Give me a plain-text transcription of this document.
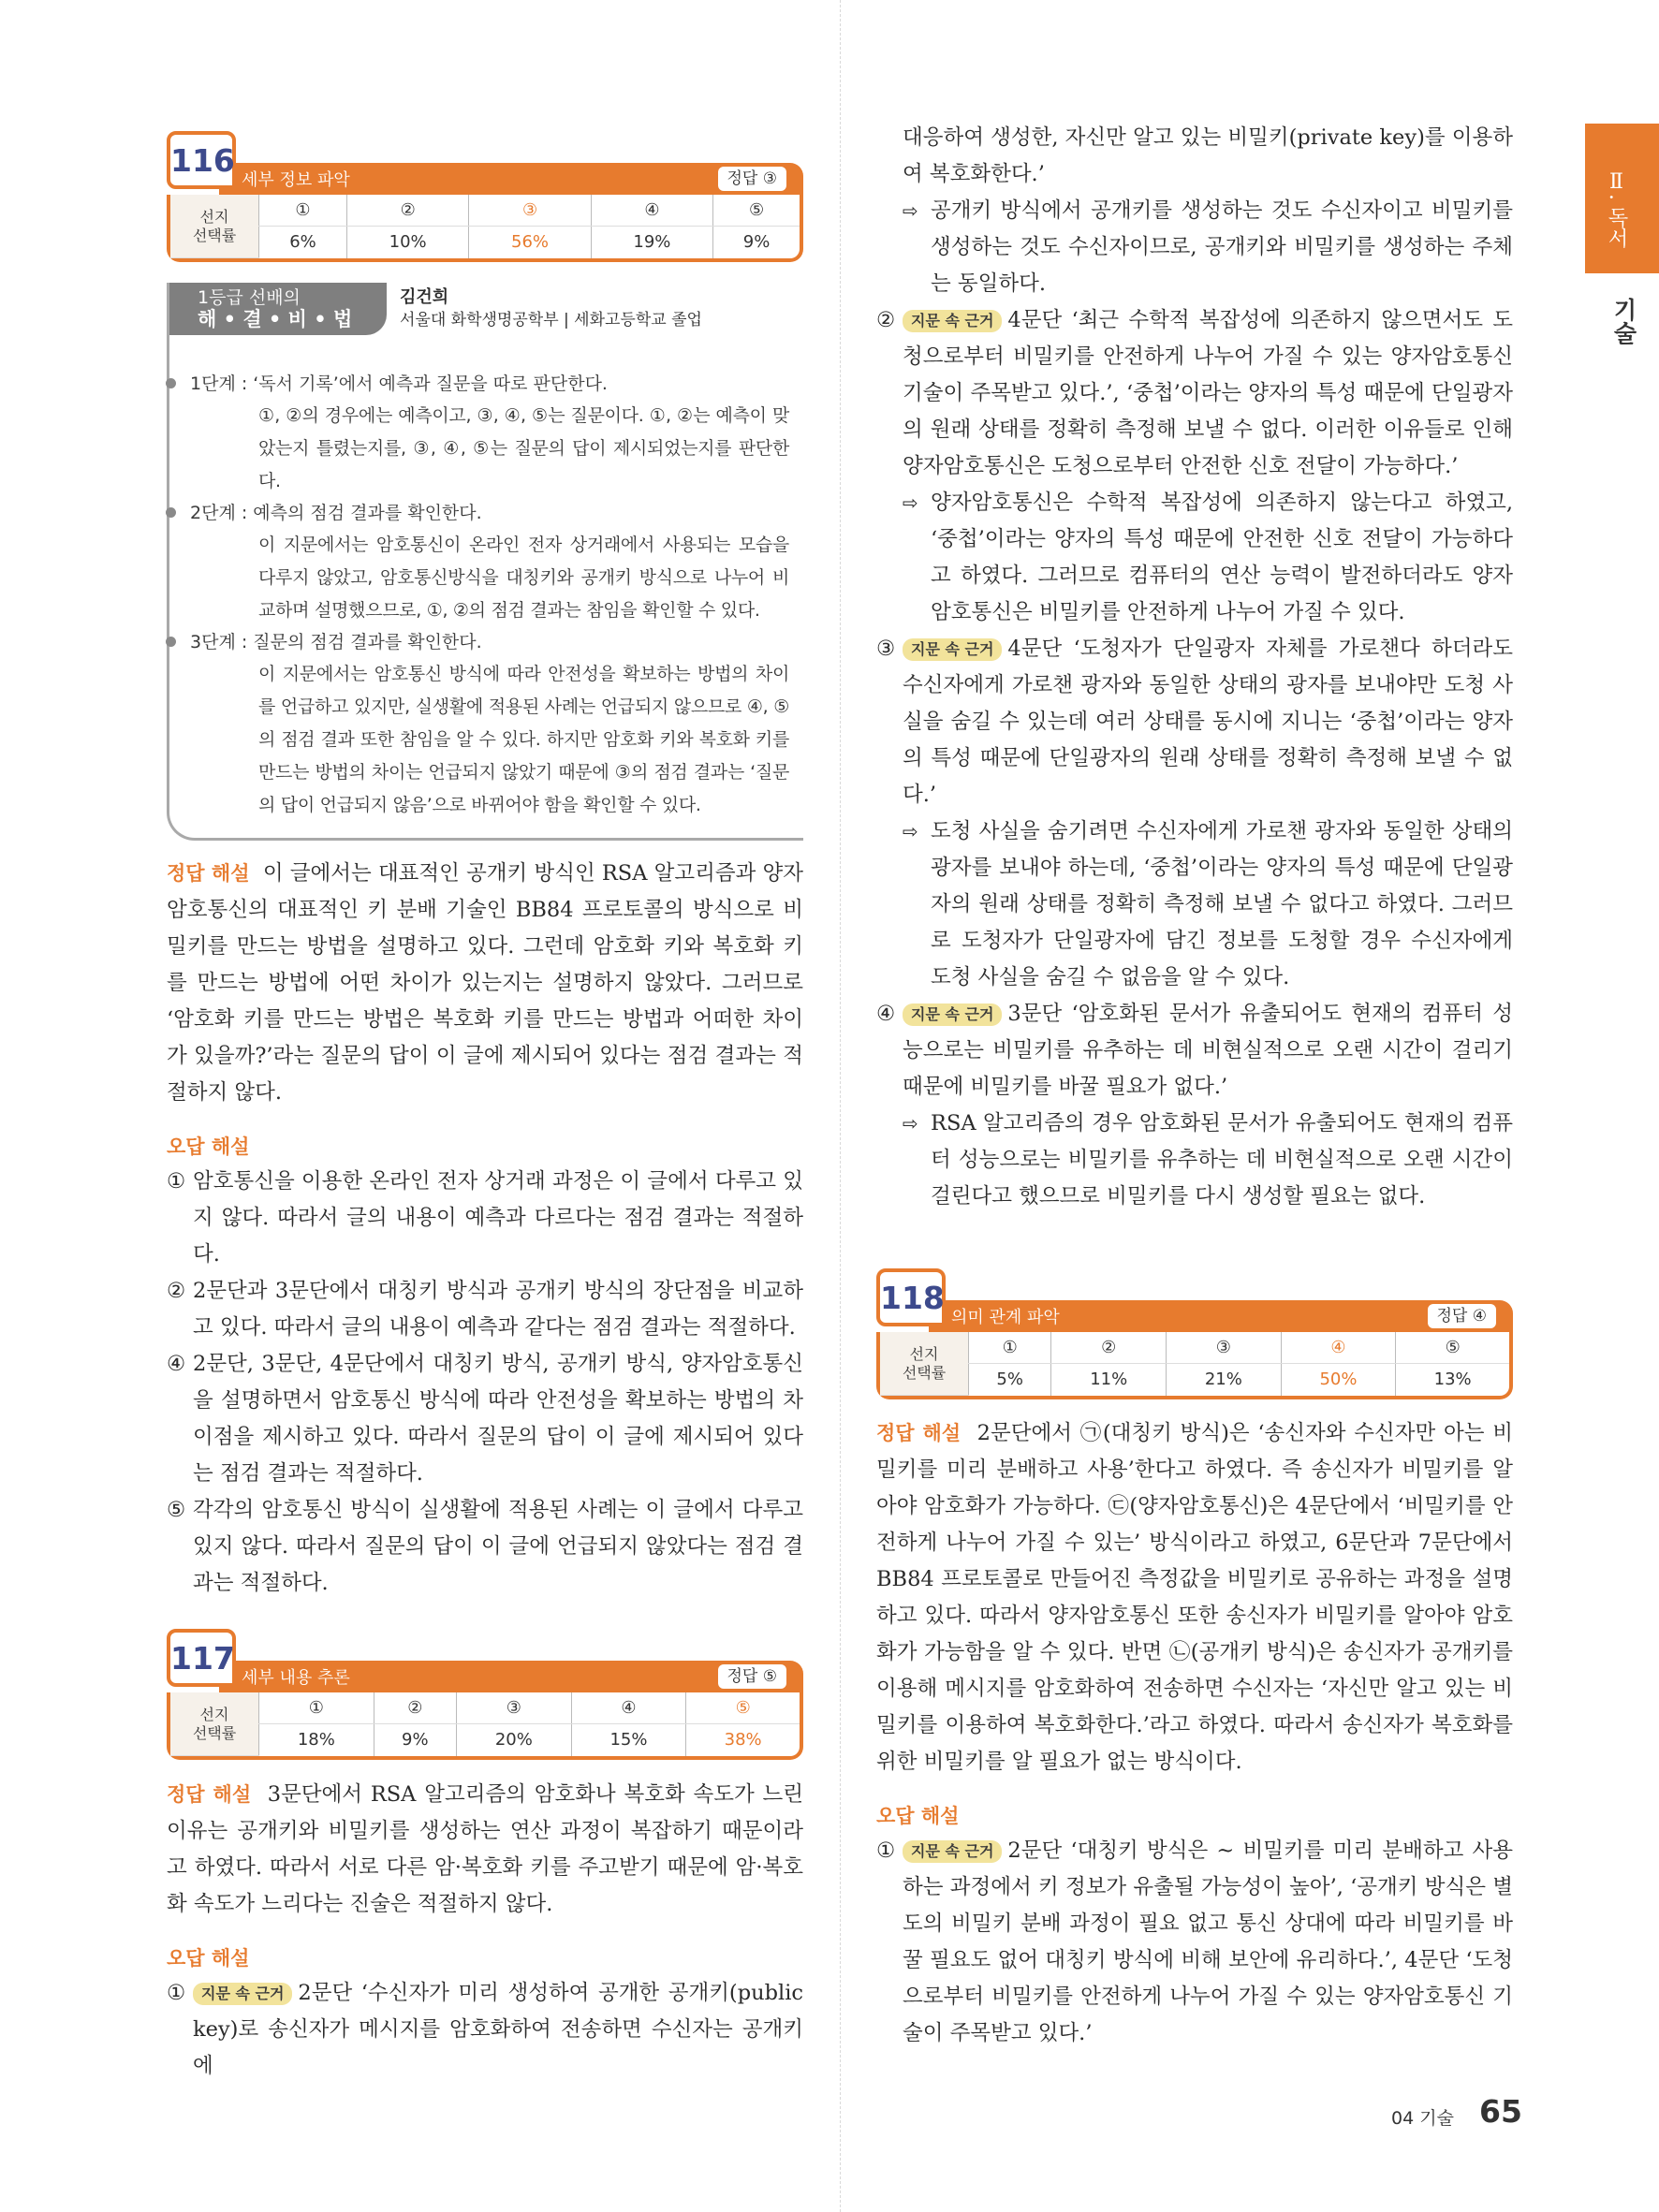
Ⅱ. 독서
기술
세부 정보 파악	정답 ③
116
선지
선택률	①	②	③	④	⑤
	6%	10%	56%	19%	9%
1등급 선배의
해 • 결 • 비 • 법
김건희
서울대 화학생명공학부 | 세화고등학교 졸업

1단계 : ‘독서 기록’에서 예측과 질문을 따로 판단한다.

①, ②의 경우에는 예측이고, ③, ④, ⑤는 질문이다. ①, ②는 예측이 맞았는지 틀렸는지를, ③, ④, ⑤는 질문의 답이 제시되었는지를 판단한다.

2단계 : 예측의 점검 결과를 확인한다.

이 지문에서는 암호통신이 온라인 전자 상거래에서 사용되는 모습을 다루지 않았고, 암호통신방식을 대칭키와 공개키 방식으로 나누어 비교하며 설명했으므로, ①, ②의 점검 결과는 참임을 확인할 수 있다.

3단계 : 질문의 점검 결과를 확인한다.

이 지문에서는 암호통신 방식에 따라 안전성을 확보하는 방법의 차이를 언급하고 있지만, 실생활에 적용된 사례는 언급되지 않으므로 ④, ⑤의 점검 결과 또한 참임을 알 수 있다. 하지만 암호화 키와 복호화 키를 만드는 방법의 차이는 언급되지 않았기 때문에 ③의 점검 결과는 ‘질문의 답이 언급되지 않음’으로 바뀌어야 함을 확인할 수 있다.

정답 해설 이 글에서는 대표적인 공개키 방식인 RSA 알고리즘과 양자암호통신의 대표적인 키 분배 기술인 BB84 프로토콜의 방식으로 비밀키를 만드는 방법을 설명하고 있다. 그런데 암호화 키와 복호화 키를 만드는 방법에 어떤 차이가 있는지는 설명하지 않았다. 그러므로 ‘암호화 키를 만드는 방법은 복호화 키를 만드는 방법과 어떠한 차이가 있을까?’라는 질문의 답이 이 글에 제시되어 있다는 점검 결과는 적절하지 않다.

오답 해설

① 암호통신을 이용한 온라인 전자 상거래 과정은 이 글에서 다루고 있지 않다. 따라서 글의 내용이 예측과 다르다는 점검 결과는 적절하다.

② 2문단과 3문단에서 대칭키 방식과 공개키 방식의 장단점을 비교하고 있다. 따라서 글의 내용이 예측과 같다는 점검 결과는 적절하다.

④ 2문단, 3문단, 4문단에서 대칭키 방식, 공개키 방식, 양자암호통신을 설명하면서 암호통신 방식에 따라 안전성을 확보하는 방법의 차이점을 제시하고 있다. 따라서 질문의 답이 이 글에 제시되어 있다는 점검 결과는 적절하다.

⑤ 각각의 암호통신 방식이 실생활에 적용된 사례는 이 글에서 다루고 있지 않다. 따라서 질문의 답이 이 글에 언급되지 않았다는 점검 결과는 적절하다.

세부 내용 추론	정답 ⑤
117
선지
선택률	①	②	③	④	⑤
	18%	9%	20%	15%	38%

정답 해설 3문단에서 RSA 알고리즘의 암호화나 복호화 속도가 느린 이유는 공개키와 비밀키를 생성하는 연산 과정이 복잡하기 때문이라고 하였다. 따라서 서로 다른 암·복호화 키를 주고받기 때문에 암·복호화 속도가 느리다는 진술은 적절하지 않다.

오답 해설

① 지문 속 근거 2문단 ‘수신자가 미리 생성하여 공개한 공개키(public key)로 송신자가 메시지를 암호화하여 전송하면 수신자는 공개키에

대응하여 생성한, 자신만 알고 있는 비밀키(private key)를 이용하여 복호화한다.’

⇨ 공개키 방식에서 공개키를 생성하는 것도 수신자이고 비밀키를 생성하는 것도 수신자이므로, 공개키와 비밀키를 생성하는 주체는 동일하다.

② 지문 속 근거 4문단 ‘최근 수학적 복잡성에 의존하지 않으면서도 도청으로부터 비밀키를 안전하게 나누어 가질 수 있는 양자암호통신 기술이 주목받고 있다.’, ‘중첩’이라는 양자의 특성 때문에 단일광자의 원래 상태를 정확히 측정해 보낼 수 없다. 이러한 이유들로 인해 양자암호통신은 도청으로부터 안전한 신호 전달이 가능하다.’

⇨ 양자암호통신은 수학적 복잡성에 의존하지 않는다고 하였고, ‘중첩’이라는 양자의 특성 때문에 안전한 신호 전달이 가능하다고 하였다. 그러므로 컴퓨터의 연산 능력이 발전하더라도 양자암호통신은 비밀키를 안전하게 나누어 가질 수 있다.

③ 지문 속 근거 4문단 ‘도청자가 단일광자 자체를 가로챈다 하더라도 수신자에게 가로챈 광자와 동일한 상태의 광자를 보내야만 도청 사실을 숨길 수 있는데 여러 상태를 동시에 지니는 ‘중첩’이라는 양자의 특성 때문에 단일광자의 원래 상태를 정확히 측정해 보낼 수 없다.’

⇨ 도청 사실을 숨기려면 수신자에게 가로챈 광자와 동일한 상태의 광자를 보내야 하는데, ‘중첩’이라는 양자의 특성 때문에 단일광자의 원래 상태를 정확히 측정해 보낼 수 없다고 하였다. 그러므로 도청자가 단일광자에 담긴 정보를 도청할 경우 수신자에게 도청 사실을 숨길 수 없음을 알 수 있다.

④ 지문 속 근거 3문단 ‘암호화된 문서가 유출되어도 현재의 컴퓨터 성능으로는 비밀키를 유추하는 데 비현실적으로 오랜 시간이 걸리기 때문에 비밀키를 바꿀 필요가 없다.’

⇨ RSA 알고리즘의 경우 암호화된 문서가 유출되어도 현재의 컴퓨터 성능으로는 비밀키를 유추하는 데 비현실적으로 오랜 시간이 걸린다고 했으므로 비밀키를 다시 생성할 필요는 없다.

의미 관계 파악	정답 ④
118
선지
선택률	①	②	③	④	⑤
	5%	11%	21%	50%	13%

정답 해설 2문단에서 ㉠(대칭키 방식)은 ‘송신자와 수신자만 아는 비밀키를 미리 분배하고 사용’한다고 하였다. 즉 송신자가 비밀키를 알아야 암호화가 가능하다. ㉢(양자암호통신)은 4문단에서 ‘비밀키를 안전하게 나누어 가질 수 있는’ 방식이라고 하였고, 6문단과 7문단에서 BB84 프로토콜로 만들어진 측정값을 비밀키로 공유하는 과정을 설명하고 있다. 따라서 양자암호통신 또한 송신자가 비밀키를 알아야 암호화가 가능함을 알 수 있다. 반면 ㉡(공개키 방식)은 송신자가 공개키를 이용해 메시지를 암호화하여 전송하면 수신자는 ‘자신만 알고 있는 비밀키를 이용하여 복호화한다.’라고 하였다. 따라서 송신자가 복호화를 위한 비밀키를 알 필요가 없는 방식이다.

오답 해설

① 지문 속 근거 2문단 ‘대칭키 방식은 ~ 비밀키를 미리 분배하고 사용하는 과정에서 키 정보가 유출될 가능성이 높아’, ‘공개키 방식은 별도의 비밀키 분배 과정이 필요 없고 통신 상대에 따라 비밀키를 바꿀 필요도 없어 대칭키 방식에 비해 보안에 유리하다.’, 4문단 ‘도청으로부터 비밀키를 안전하게 나누어 가질 수 있는 양자암호통신 기술이 주목받고 있다.’

04 기술 65
